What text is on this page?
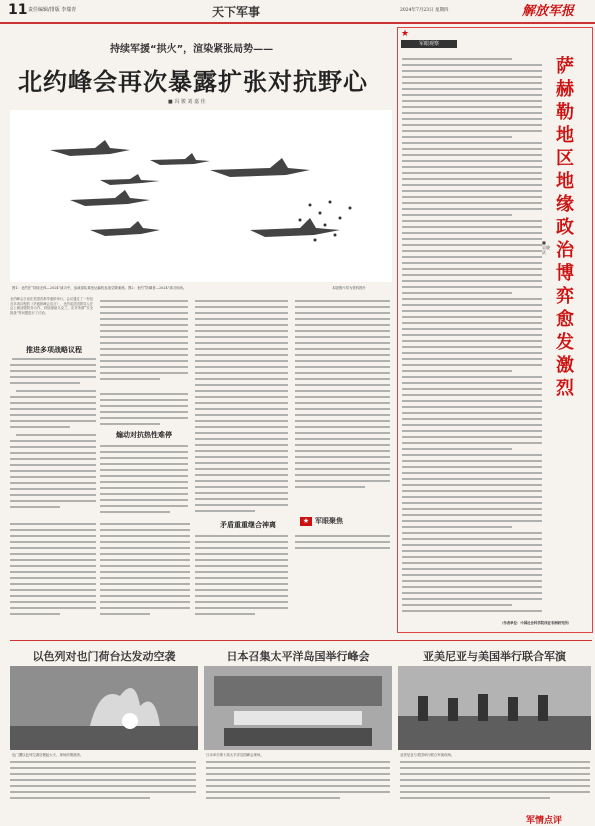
11 责任编辑/排版 李瑞青	天下军事	2024年7月23日 星期四	解放军报
持续军援“拱火”，渲染紧张局势——
北约峰会再次暴露扩张对抗野心
■ 冯 骏 刘 嘉 佳
图1：北约在“持续无休—2024”演习中，参演部队乘坐运输机参加空降演练。图2：北约“防御者—2024”演习现场。	本版图片均为资料图片
北约峰会日前在美国首都华盛顿举行。会议通过了一份包含多项议程的《华盛顿峰会宣言》，北约成员国领导人在会上就加强防务合作、持续援助乌克兰、应对所谓“安全挑战”等问题进行了讨论。
推进多项战略议程
煽动对抗热性难停
矛盾重重继合神离	★ 军眼聚焦
★
军眼观察
萨赫勒地区地缘政治博弈愈发激烈
■ 吴晓武
（作者单位：中国社会科学院西亚非洲研究所）
以色列对也门荷台达发动空袭
也门遭以色列空袭后燃起大火，现场浓烟滚滚。
日本召集太平洋岛国举行峰会
日本举办第十届太平洋岛国峰会现场。
亚美尼亚与美国举行联合军演
亚美尼亚与美国举行联合军演现场。
军情点评
